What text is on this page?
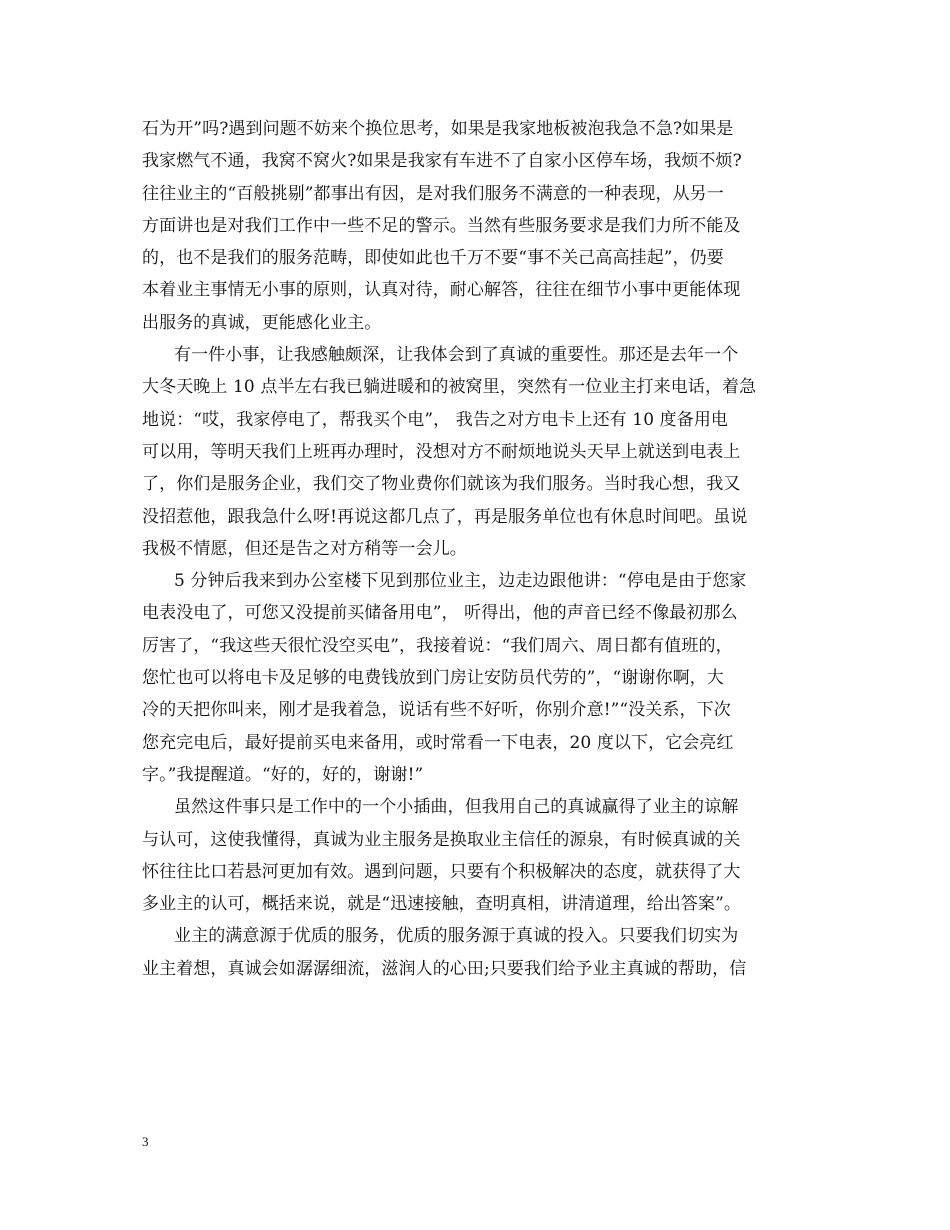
石为开”吗?遇到问题不妨来个换位思考，如果是我家地板被泡我急不急?如果是
我家燃气不通，我窝不窝火?如果是我家有车进不了自家小区停车场，我烦不烦?
往往业主的“百般挑剔”都事出有因，是对我们服务不满意的一种表现，从另一
方面讲也是对我们工作中一些不足的警示。当然有些服务要求是我们力所不能及
的，也不是我们的服务范畴，即使如此也千万不要“事不关己高高挂起”，仍要
本着业主事情无小事的原则，认真对待，耐心解答，往往在细节小事中更能体现
出服务的真诚，更能感化业主。
有一件小事，让我感触颇深，让我体会到了真诚的重要性。那还是去年一个
大冬天晚上 10 点半左右我已躺进暖和的被窝里，突然有一位业主打来电话，着急
地说：“哎，我家停电了，帮我买个电”， 我告之对方电卡上还有 10 度备用电
可以用，等明天我们上班再办理时，没想对方不耐烦地说头天早上就送到电表上
了，你们是服务企业，我们交了物业费你们就该为我们服务。当时我心想，我又
没招惹他，跟我急什么呀!再说这都几点了，再是服务单位也有休息时间吧。虽说
我极不情愿，但还是告之对方稍等一会儿。
5 分钟后我来到办公室楼下见到那位业主，边走边跟他讲：“停电是由于您家
电表没电了，可您又没提前买储备用电”， 听得出，他的声音已经不像最初那么
厉害了，“我这些天很忙没空买电”，我接着说：“我们周六、周日都有值班的，
您忙也可以将电卡及足够的电费钱放到门房让安防员代劳的”，“谢谢你啊，大
冷的天把你叫来，刚才是我着急，说话有些不好听，你别介意!”“没关系，下次
您充完电后，最好提前买电来备用，或时常看一下电表，20 度以下，它会亮红
字。”我提醒道。“好的，好的，谢谢!”
虽然这件事只是工作中的一个小插曲，但我用自己的真诚赢得了业主的谅解
与认可，这使我懂得，真诚为业主服务是换取业主信任的源泉，有时候真诚的关
怀往往比口若悬河更加有效。遇到问题，只要有个积极解决的态度，就获得了大
多业主的认可，概括来说，就是“迅速接触，查明真相，讲清道理，给出答案”。
业主的满意源于优质的服务，优质的服务源于真诚的投入。只要我们切实为
业主着想，真诚会如潺潺细流，滋润人的心田;只要我们给予业主真诚的帮助，信
3
